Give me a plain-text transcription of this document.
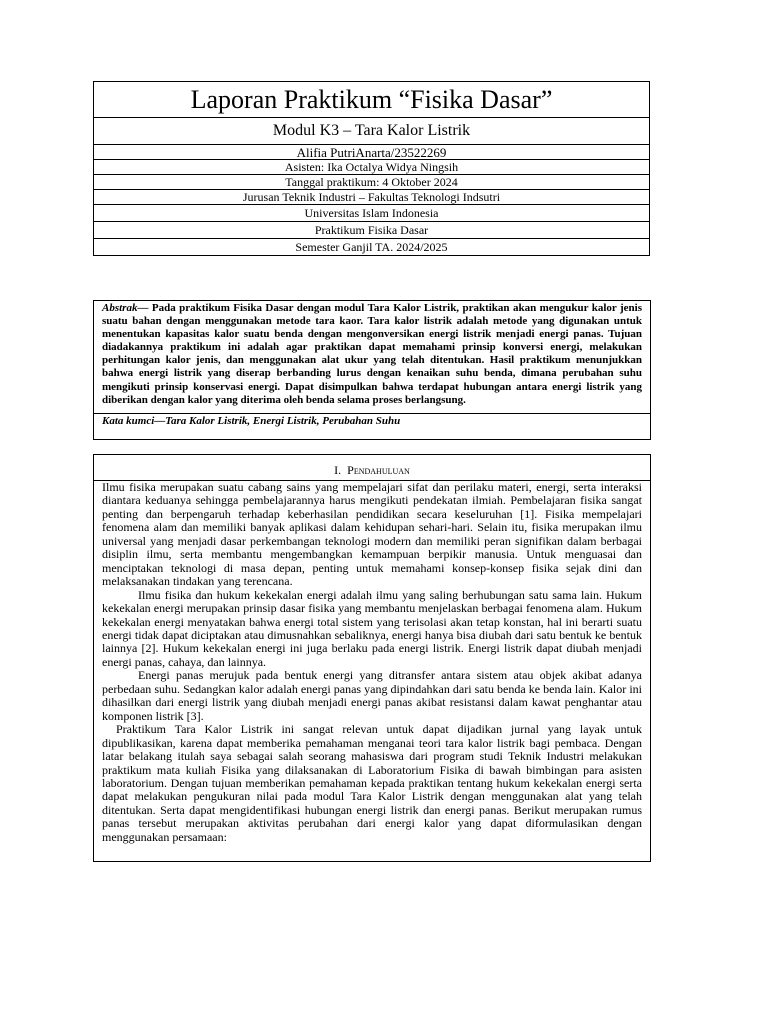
Laporan Praktikum “Fisika Dasar”
Modul K3 – Tara Kalor Listrik
Alifia PutriAnarta/23522269
Asisten: Ika Octalya Widya Ningsih
Tanggal praktikum: 4 Oktober 2024
Jurusan Teknik Industri – Fakultas Teknologi Indsutri
Universitas Islam Indonesia
Praktikum Fisika Dasar
Semester Ganjil TA. 2024/2025
Abstrak— Pada praktikum Fisika Dasar dengan modul Tara Kalor Listrik, praktikan akan mengukur kalor jenis suatu bahan dengan menggunakan metode tara kaor. Tara kalor listrik adalah metode yang digunakan untuk menentukan kapasitas kalor suatu benda dengan mengonversikan energi listrik menjadi energi panas. Tujuan diadakannya praktikum ini adalah agar praktikan dapat memahami prinsip konversi energi, melakukan perhitungan kalor jenis, dan menggunakan alat ukur yang telah ditentukan. Hasil praktikum menunjukkan bahwa energi listrik yang diserap berbanding lurus dengan kenaikan suhu benda, dimana perubahan suhu mengikuti prinsip konservasi energi. Dapat disimpulkan bahwa terdapat hubungan antara energi listrik yang diberikan dengan kalor yang diterima oleh benda selama proses berlangsung.
Kata kumci—Tara Kalor Listrik, Energi Listrik, Perubahan Suhu
I. Pendahuluan

Ilmu fisika merupakan suatu cabang sains yang mempelajari sifat dan perilaku materi, energi, serta interaksi diantara keduanya sehingga pembelajarannya harus mengikuti pendekatan ilmiah. Pembelajaran fisika sangat penting dan berpengaruh terhadap keberhasilan pendidikan secara keseluruhan [1]. Fisika mempelajari fenomena alam dan memiliki banyak aplikasi dalam kehidupan sehari-hari. Selain itu, fisika merupakan ilmu universal yang menjadi dasar perkembangan teknologi modern dan memiliki peran signifikan dalam berbagai disiplin ilmu, serta membantu mengembangkan kemampuan berpikir manusia. Untuk menguasai dan menciptakan teknologi di masa depan, penting untuk memahami konsep-konsep fisika sejak dini dan melaksanakan tindakan yang terencana.

Ilmu fisika dan hukum kekekalan energi adalah ilmu yang saling berhubungan satu sama lain. Hukum kekekalan energi merupakan prinsip dasar fisika yang membantu menjelaskan berbagai fenomena alam. Hukum kekekalan energi menyatakan bahwa energi total sistem yang terisolasi akan tetap konstan, hal ini berarti suatu energi tidak dapat diciptakan atau dimusnahkan sebaliknya, energi hanya bisa diubah dari satu bentuk ke bentuk lainnya [2]. Hukum kekekalan energi ini juga berlaku pada energi listrik. Energi listrik dapat diubah menjadi energi panas, cahaya, dan lainnya.

Energi panas merujuk pada bentuk energi yang ditransfer antara sistem atau objek akibat adanya perbedaan suhu. Sedangkan kalor adalah energi panas yang dipindahkan dari satu benda ke benda lain. Kalor ini dihasilkan dari energi listrik yang diubah menjadi energi panas akibat resistansi dalam kawat penghantar atau komponen listrik [3].

Praktikum Tara Kalor Listrik ini sangat relevan untuk dapat dijadikan jurnal yang layak untuk dipublikasikan, karena dapat memberika pemahaman menganai teori tara kalor listrik bagi pembaca. Dengan latar belakang itulah saya sebagai salah seorang mahasiswa dari program studi Teknik Industri melakukan praktikum mata kuliah Fisika yang dilaksanakan di Laboratorium Fisika di bawah bimbingan para asisten laboratorium. Dengan tujuan memberikan pemahaman kepada praktikan tentang hukum kekekalan energi serta dapat melakukan pengukuran nilai pada modul Tara Kalor Listrik dengan menggunakan alat yang telah ditentukan. Serta dapat mengidentifikasi hubungan energi listrik dan energi panas. Berikut merupakan rumus panas tersebut merupakan aktivitas perubahan dari energi kalor yang dapat diformulasikan dengan menggunakan persamaan:
